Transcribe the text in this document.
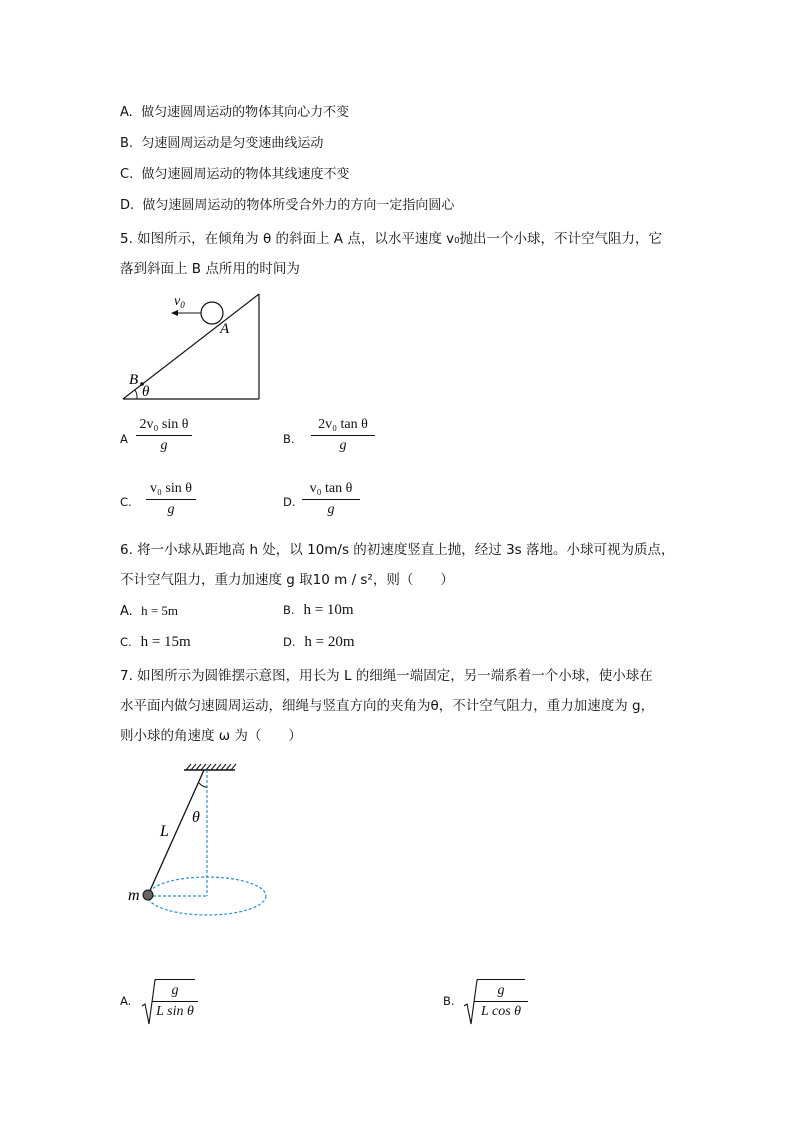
A. 做匀速圆周运动的物体其向心力不变
B. 匀速圆周运动是匀变速曲线运动
C. 做匀速圆周运动的物体其线速度不变
D. 做匀速圆周运动的物体所受合外力的方向一定指向圆心
5. 如图所示，在倾角为 θ 的斜面上 A 点，以水平速度 v₀抛出一个小球，不计空气阻力，它
落到斜面上 B 点所用的时间为
$v_0$
A
B
θ
A
2v₀ sin θ
g	B.
2v₀ tan θ
g
C.
v₀ sin θ
g	D.
v₀ tan θ
g
6. 将一小球从距地高 h 处，以 10m/s 的初速度竖直上抛，经过 3s 落地。小球可视为质点，
不计空气阻力，重力加速度 g 取10 m / s²，则（　　）
A. h = 5m	B. h = 10m
C. h = 15m	D. h = 20m
7. 如图所示为圆锥摆示意图，用长为 L 的细绳一端固定，另一端系着一个小球，使小球在
水平面内做匀速圆周运动，细绳与竖直方向的夹角为θ，不计空气阻力，重力加速度为 g，
则小球的角速度 ω 为（　　）
θ
L
m
A.
g
L sin θ
B.
g
L cos θ
